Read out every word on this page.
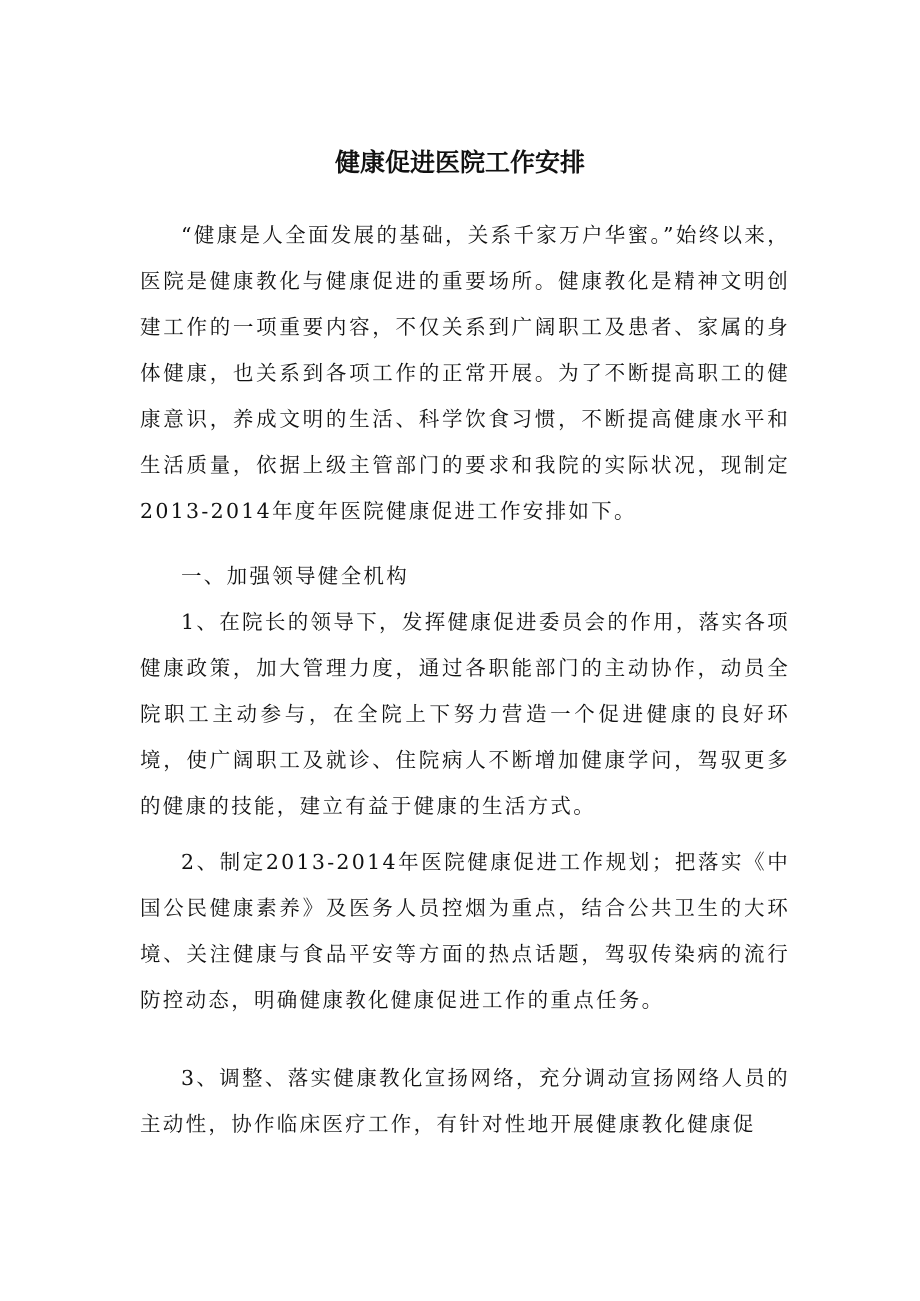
健康促进医院工作安排

“健康是人全面发展的基础，关系千家万户华蜜。”始终以来，医院是健康教化与健康促进的重要场所。健康教化是精神文明创建工作的一项重要内容，不仅关系到广阔职工及患者、家属的身体健康，也关系到各项工作的正常开展。为了不断提高职工的健康意识，养成文明的生活、科学饮食习惯，不断提高健康水平和生活质量，依据上级主管部门的要求和我院的实际状况，现制定2013-2014年度年医院健康促进工作安排如下。

一、加强领导健全机构

1、在院长的领导下，发挥健康促进委员会的作用，落实各项健康政策，加大管理力度，通过各职能部门的主动协作，动员全院职工主动参与，在全院上下努力营造一个促进健康的良好环境，使广阔职工及就诊、住院病人不断增加健康学问，驾驭更多的健康的技能，建立有益于健康的生活方式。

2、制定2013-2014年医院健康促进工作规划；把落实《中国公民健康素养》及医务人员控烟为重点，结合公共卫生的大环境、关注健康与食品平安等方面的热点话题，驾驭传染病的流行防控动态，明确健康教化健康促进工作的重点任务。

3、调整、落实健康教化宣扬网络，充分调动宣扬网络人员的主动性，协作临床医疗工作，有针对性地开展健康教化健康促
